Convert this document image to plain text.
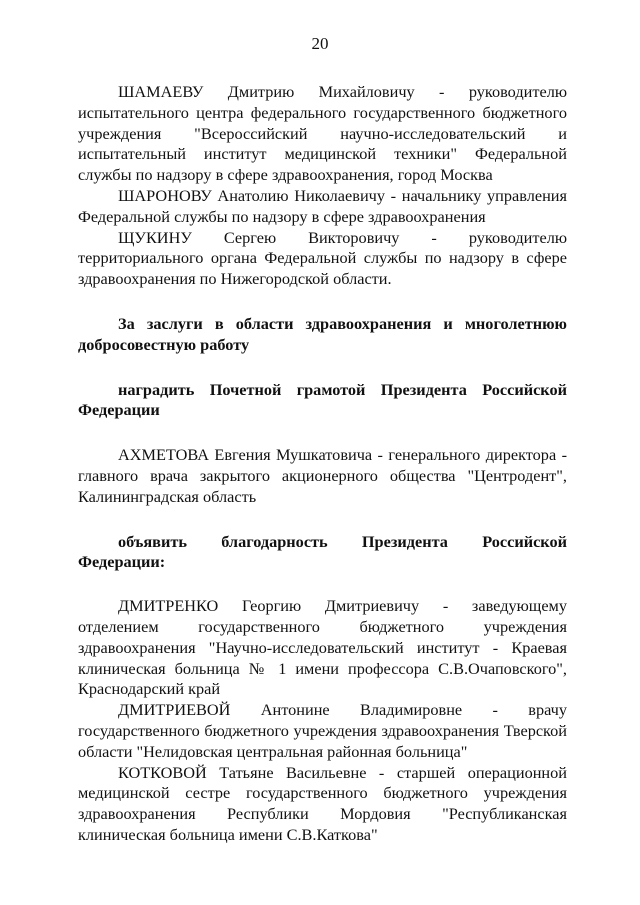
20

ШАМАЕВУ Дмитрию Михайловичу - руководителю испытательного центра федерального государственного бюджетного учреждения "Всероссийский научно-исследовательский и испытательный институт медицинской техники" Федеральной службы по надзору в сфере здравоохранения, город Москва

ШАРОНОВУ Анатолию Николаевичу - начальнику управления Федеральной службы по надзору в сфере здравоохранения

ЩУКИНУ Сергею Викторовичу - руководителю территориального органа Федеральной службы по надзору в сфере здравоохранения по Нижегородской области.

За заслуги в области здравоохранения и многолетнюю добросовестную работу

наградить Почетной грамотой Президента Российской Федерации

АХМЕТОВА Евгения Мушкатовича - генерального директора - главного врача закрытого акционерного общества "Центродент", Калининградская область

объявить благодарность Президента Российской Федерации:

ДМИТРЕНКО Георгию Дмитриевичу - заведующему отделением государственного бюджетного учреждения здравоохранения "Научно-исследовательский институт - Краевая клиническая больница № 1 имени профессора С.В.Очаповского", Краснодарский край

ДМИТРИЕВОЙ Антонине Владимировне - врачу государственного бюджетного учреждения здравоохранения Тверской области "Нелидовская центральная районная больница"

КОТКОВОЙ Татьяне Васильевне - старшей операционной медицинской сестре государственного бюджетного учреждения здравоохранения Республики Мордовия "Республиканская клиническая больница имени С.В.Каткова"
